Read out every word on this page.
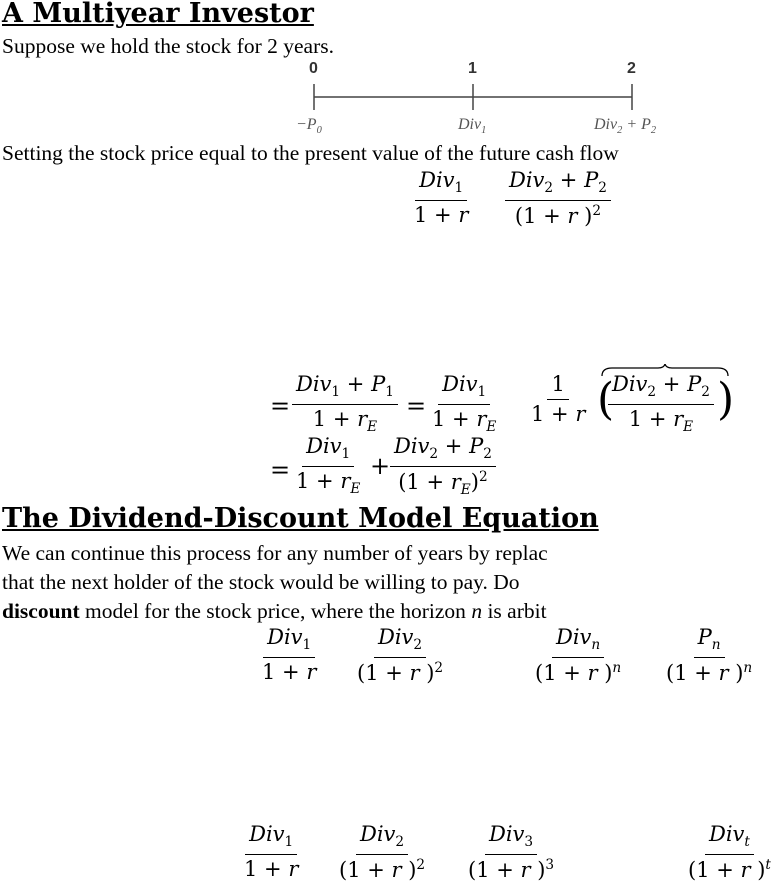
A Multiyear Investor
Suppose we hold the stock for 2 years.
0	1	2
$-P_0$	Div$_1$	$Div_2 + P_2$
Setting the stock price equal to the present value of the future cash flow
Div$_1$
1 + r
$Div_2 + P_2$
(1 + r )$^2$
=
$Div_1 + P_1$
$1 + r_E$
=
Div$_1$
$1 + r_E$
$\frac{1}{1 + r}$ (
$Div_2 + P_2$
$1 + r_E$
)
=
Div$_1$
$1 + r_E$
+
$Div_2 + P_2$
$(1 + r_E)^2$
The Dividend-Discount Model Equation
We can continue this process for any number of years by replac
that the next holder of the stock would be willing to pay. Do
discount model for the stock price, where the horizon n is arbit
Div$_1$
1 + r
Div$_2$
(1 + r )$^2$
Div$_n$
(1 + r )$^n \frac{P_n}{(1 + r )^n}$
Div$_1$
1 + r
Div$_2$
(1 + r )$^2$
Div$_3$
(1 + r )$^3$
Div$_t$
(1 + r )$^t$
